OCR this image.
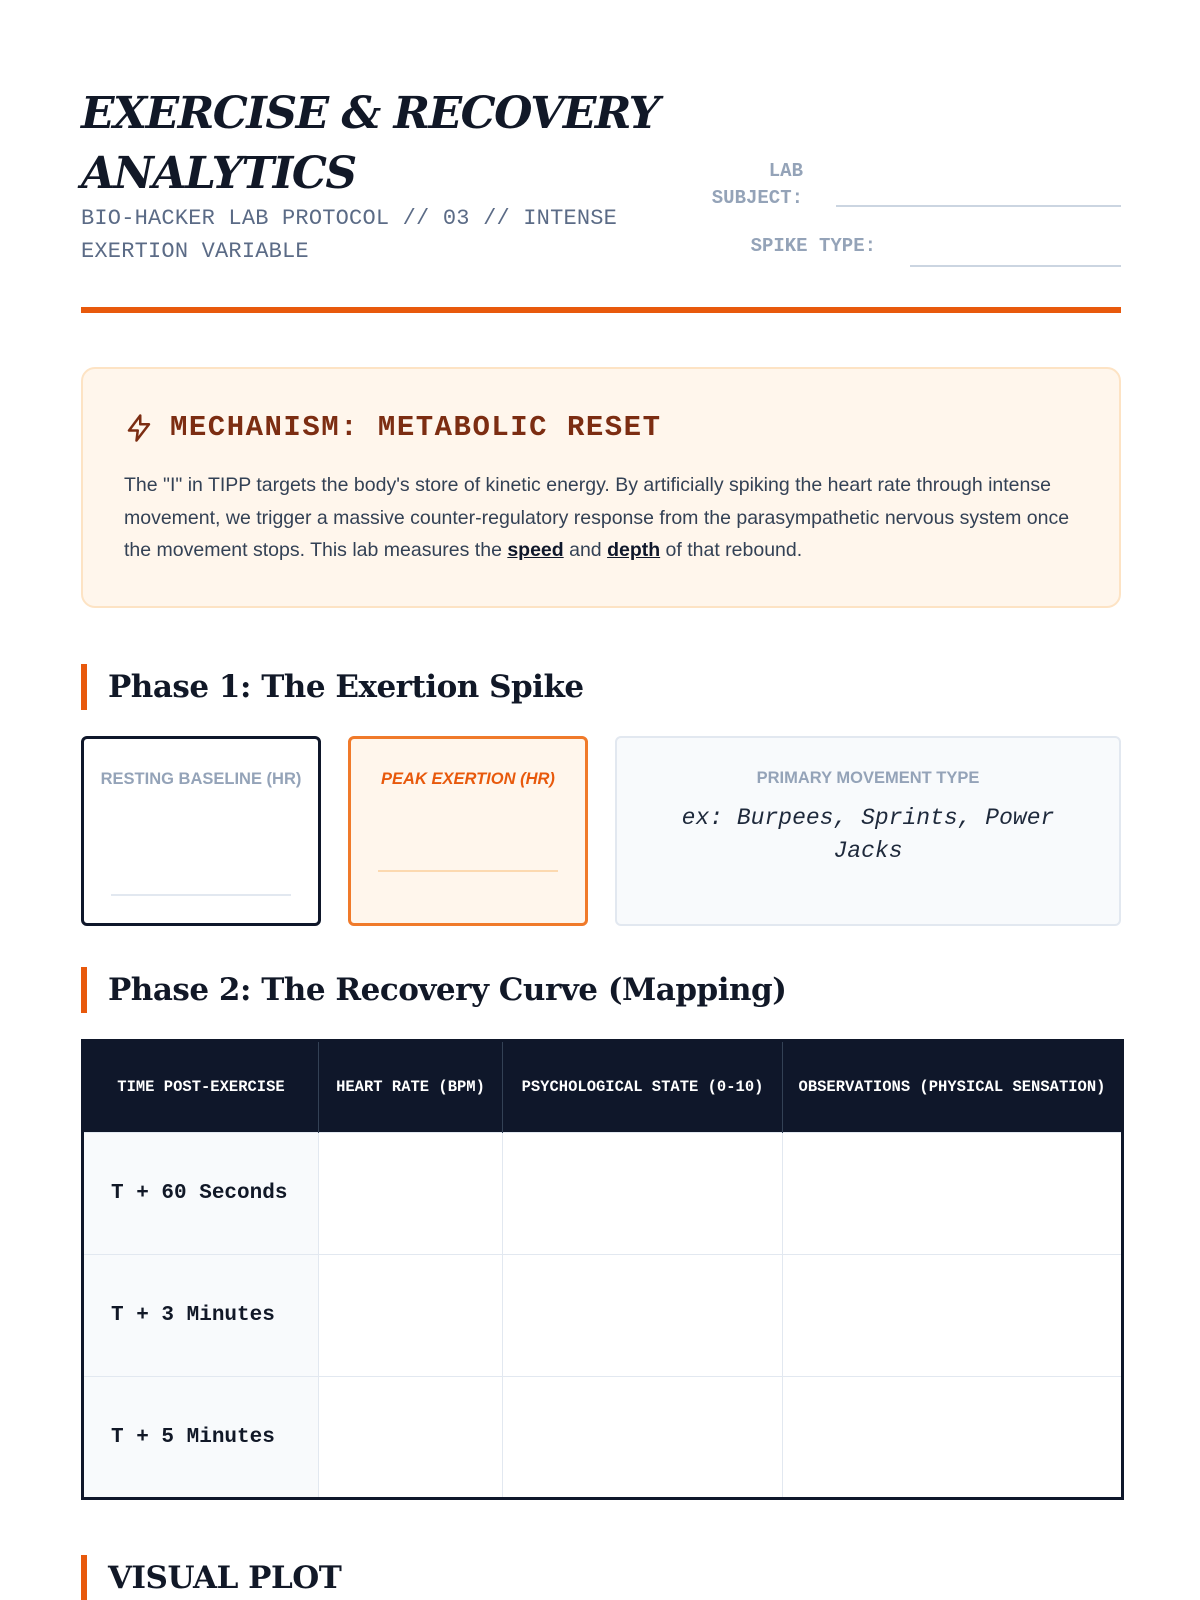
EXERCISE & RECOVERY ANALYTICS
BIO-HACKER LAB PROTOCOL // 03 // INTENSE EXERTION VARIABLE
LAB SUBJECT:
SPIKE TYPE:
MECHANISM: METABOLIC RESET

The "I" in TIPP targets the body's store of kinetic energy. By artificially spiking the heart rate through intense movement, we trigger a massive counter-regulatory response from the parasympathetic nervous system once the movement stops. This lab measures the speed and depth of that rebound.

Phase 1: The Exertion Spike
RESTING BASELINE (HR)	PEAK EXERTION (HR)	PRIMARY MOVEMENT TYPE
ex: Burpees, Sprints, Power Jacks
Phase 2: The Recovery Curve (Mapping)
TIME POST-EXERCISE	HEART RATE (BPM)	PSYCHOLOGICAL STATE (0-10)	OBSERVATIONS (PHYSICAL SENSATION)
T + 60 Seconds			
T + 3 Minutes			
T + 5 Minutes			
VISUAL PLOT
